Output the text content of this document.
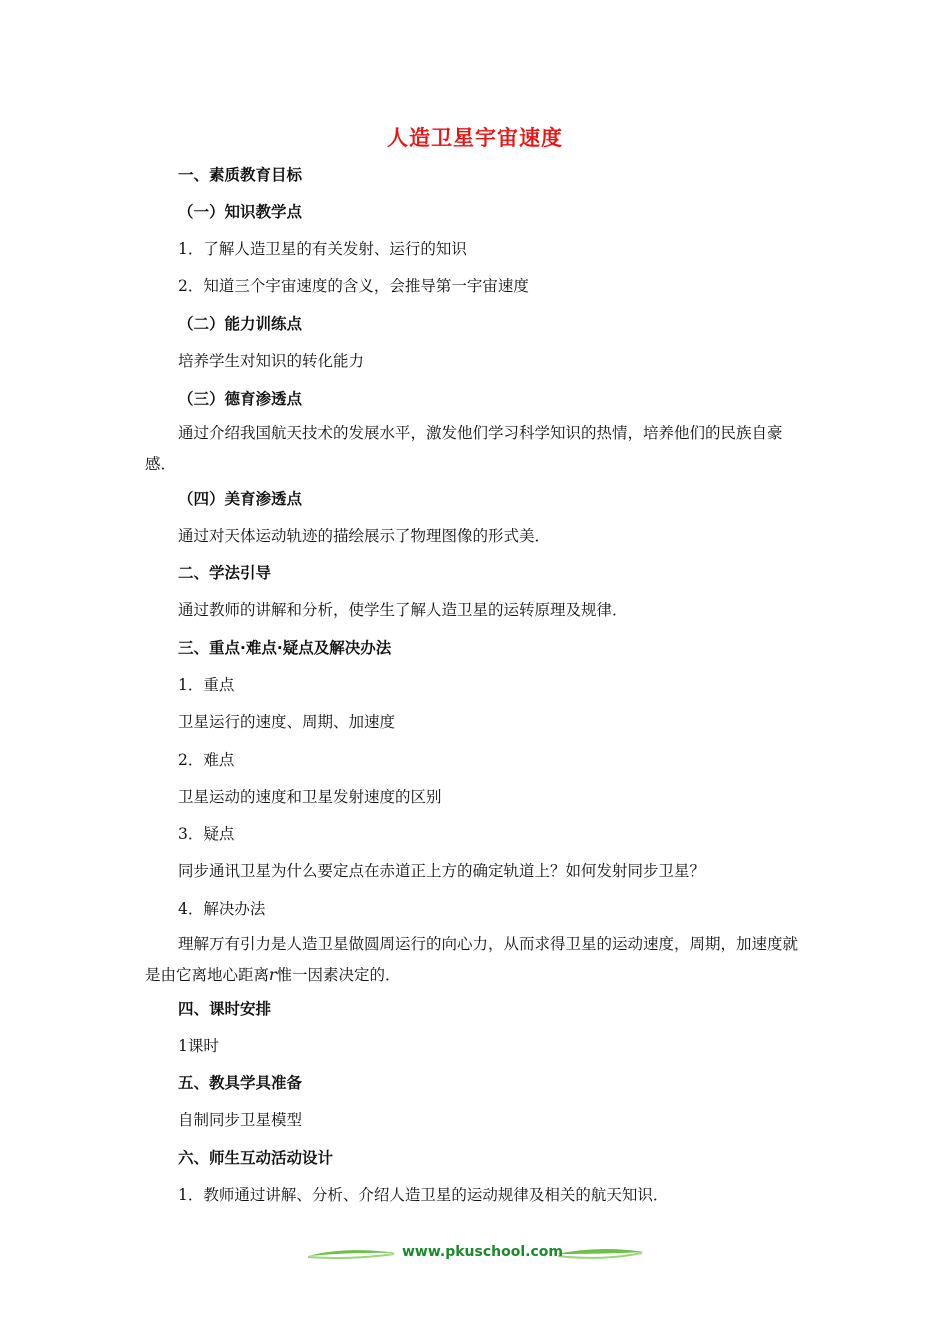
人造卫星宇宙速度
一、素质教育目标
（一）知识教学点
1．了解人造卫星的有关发射、运行的知识
2．知道三个宇宙速度的含义，会推导第一宇宙速度
（二）能力训练点
培养学生对知识的转化能力
（三）德育渗透点
通过介绍我国航天技术的发展水平，激发他们学习科学知识的热情，培养他们的民族自豪感．
（四）美育渗透点
通过对天体运动轨迹的描绘展示了物理图像的形式美．
二、学法引导
通过教师的讲解和分析，使学生了解人造卫星的运转原理及规律．
三、重点·难点·疑点及解决办法
1．重点
卫星运行的速度、周期、加速度
2．难点
卫星运动的速度和卫星发射速度的区别
3．疑点
同步通讯卫星为什么要定点在赤道正上方的确定轨道上？如何发射同步卫星？
4．解决办法
理解万有引力是人造卫星做圆周运行的向心力，从而求得卫星的运动速度，周期，加速度就是由它离地心距离r惟一因素决定的．
四、课时安排
1课时
五、教具学具准备
自制同步卫星模型
六、师生互动活动设计
1．教师通过讲解、分析、介绍人造卫星的运动规律及相关的航天知识．
www.pkuschool.com
